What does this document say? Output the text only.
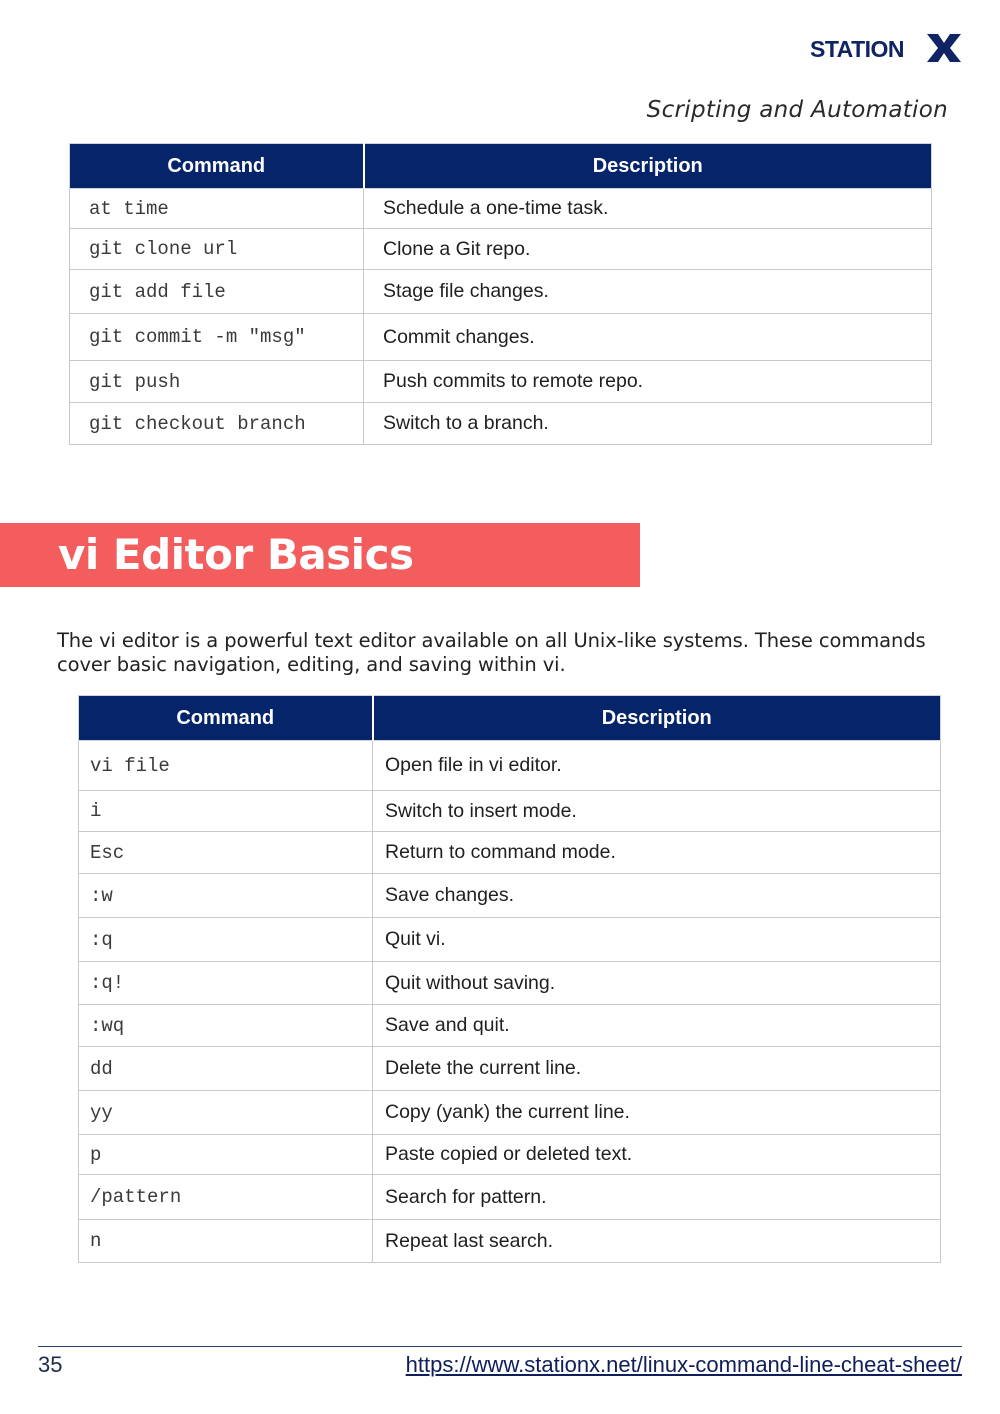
STATION
Scripting and Automation
Command	Description
at time	Schedule a one-time task.
git clone url	Clone a Git repo.
git add file	Stage file changes.
git commit -m "msg"	Commit changes.
git push	Push commits to remote repo.
git checkout branch	Switch to a branch.
vi Editor Basics

The vi editor is a powerful text editor available on all Unix-like systems. These commands cover basic navigation, editing, and saving within vi.

Command	Description
vi file	Open file in vi editor.
i	Switch to insert mode.
Esc	Return to command mode.
:w	Save changes.
:q	Quit vi.
:q!	Quit without saving.
:wq	Save and quit.
dd	Delete the current line.
yy	Copy (yank) the current line.
p	Paste copied or deleted text.
/pattern	Search for pattern.
n	Repeat last search.
35	https://www.stationx.net/linux-command-line-cheat-sheet/
